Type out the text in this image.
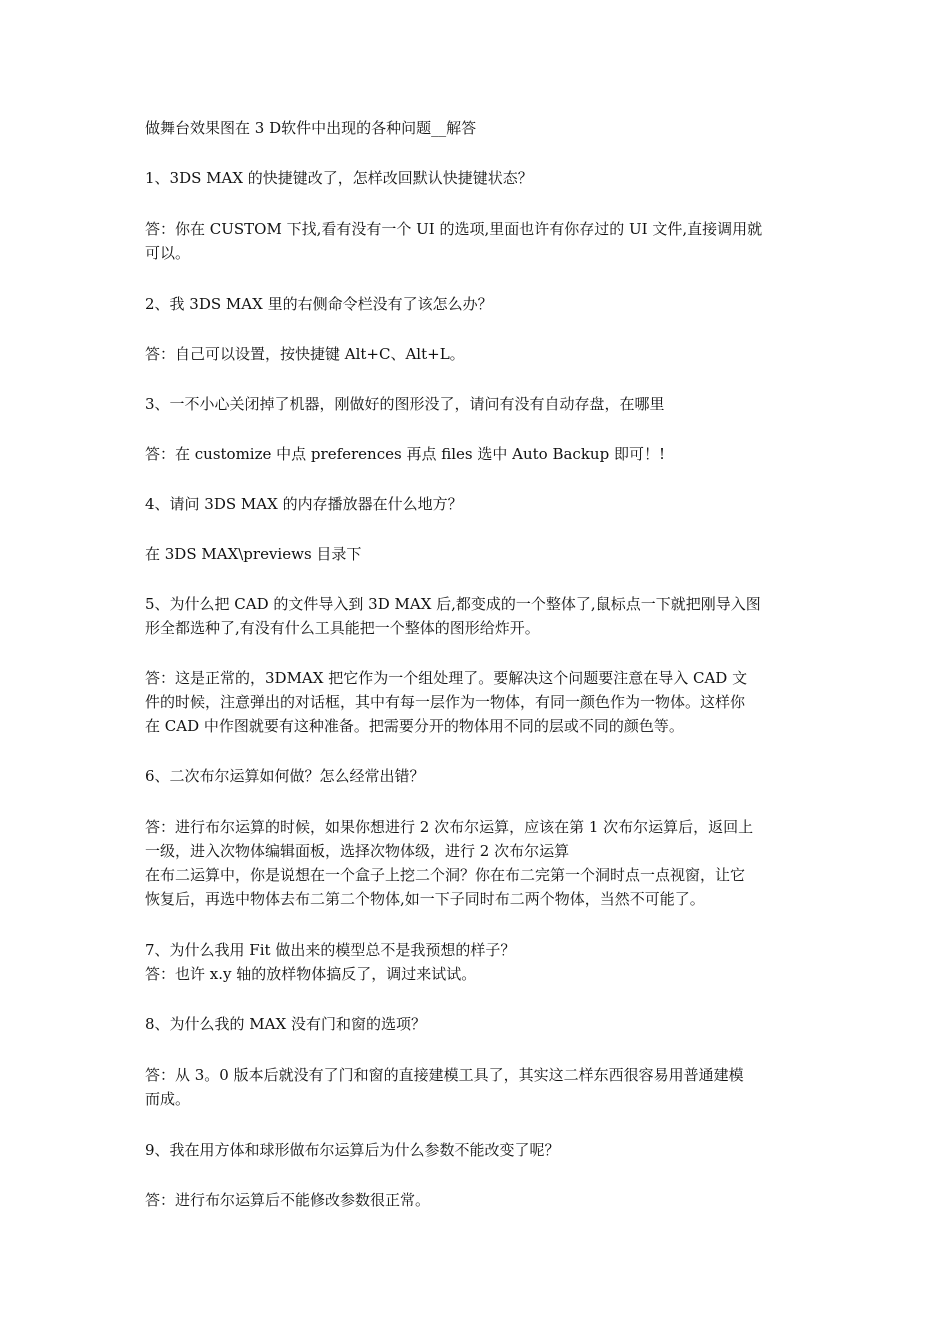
做舞台效果图在 3 D软件中出现的各种问题__解答
1、3DS MAX 的快捷键改了，怎样改回默认快捷键状态？
答：你在 CUSTOM 下找,看有没有一个 UI 的选项,里面也许有你存过的 UI 文件,直接调用就
可以。
2、我 3DS MAX 里的右侧命令栏没有了该怎么办？
答：自己可以设置，按快捷键 Alt+C、Alt+L。
3、一不小心关闭掉了机器，刚做好的图形没了，请问有没有自动存盘，在哪里
答：在 customize 中点 preferences 再点 files 选中 Auto Backup 即可！!
4、请问 3DS MAX 的内存播放器在什么地方？
在 3DS MAX\previews 目录下
5、为什么把 CAD 的文件导入到 3D MAX 后,都变成的一个整体了,鼠标点一下就把刚导入图
形全都选种了,有没有什么工具能把一个整体的图形给炸开。
答：这是正常的，3DMAX 把它作为一个组处理了。要解决这个问题要注意在导入 CAD 文
件的时候，注意弹出的对话框，其中有每一层作为一物体，有同一颜色作为一物体。这样你
在 CAD 中作图就要有这种准备。把需要分开的物体用不同的层或不同的颜色等。
6、二次布尔运算如何做？怎么经常出错？
答：进行布尔运算的时候，如果你想进行 2 次布尔运算，应该在第 1 次布尔运算后，返回上
一级，进入次物体编辑面板，选择次物体级，进行 2 次布尔运算
在布二运算中，你是说想在一个盒子上挖二个洞？你在布二完第一个洞时点一点视窗，让它
恢复后，再选中物体去布二第二个物体,如一下子同时布二两个物体，当然不可能了。
7、为什么我用 Fit 做出来的模型总不是我预想的样子？
答：也许 x.y 轴的放样物体搞反了，调过来试试。
8、为什么我的 MAX 没有门和窗的选项？
答：从 3。0 版本后就没有了门和窗的直接建模工具了，其实这二样东西很容易用普通建模
而成。
9、我在用方体和球形做布尔运算后为什么参数不能改变了呢？
答：进行布尔运算后不能修改参数很正常。
